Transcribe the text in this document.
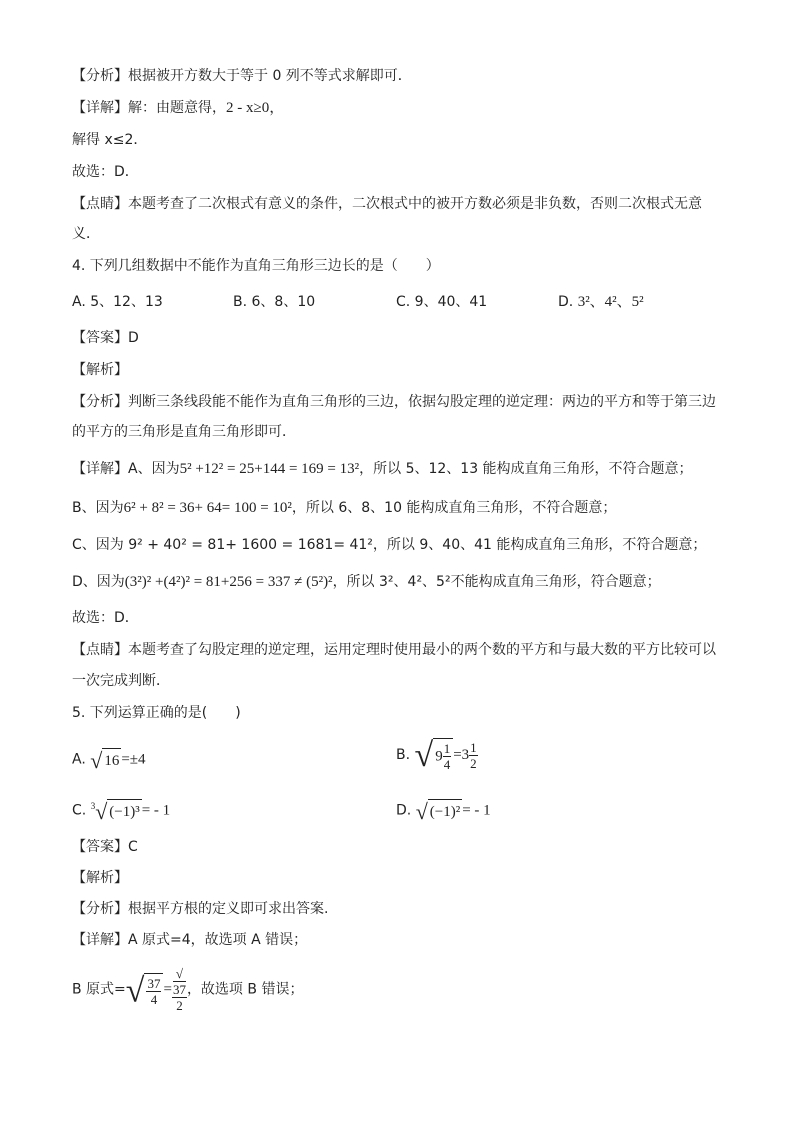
【分析】根据被开方数大于等于 0 列不等式求解即可．
【详解】解：由题意得，2 - x≥0，
解得 x≤2．
故选：D．
【点睛】本题考查了二次根式有意义的条件，二次根式中的被开方数必须是非负数，否则二次根式无意
义．
4. 下列几组数据中不能作为直角三角形三边长的是（　　）
A. 5、12、13	B. 6、8、10	C. 9、40、41	D. 3²、4²、5²
【答案】D
【解析】
【分析】判断三条线段能不能作为直角三角形的三边，依据勾股定理的逆定理：两边的平方和等于第三边
的平方的三角形是直角三角形即可．
【详解】A、因为5² +12² = 25+144 = 169 = 13²，所以 5、12、13 能构成直角三角形，不符合题意；
B、因为6² + 8² = 36+ 64= 100 = 10²，所以 6、8、10 能构成直角三角形，不符合题意；
C、因为 9² + 40² = 81+ 1600 = 1681= 41²，所以 9、40、41 能构成直角三角形，不符合题意；
D、因为(3²)² +(4²)² = 81+256 = 337 ≠ (5²)²，所以 3²、4²、5²不能构成直角三角形，符合题意；
故选：D．
【点睛】本题考查了勾股定理的逆定理，运用定理时使用最小的两个数的平方和与最大数的平方比较可以
一次完成判断．
5. 下列运算正确的是(　　)
A. √ 16 =±4	B. √ $9 \frac{1}{4} =3 \frac{1}{2}$
C. $^3$√ (−1)³ = - 1	D. √ (−1)² = - 1
【答案】C
【解析】
【分析】根据平方根的定义即可求出答案.
【详解】A 原式=4，故选项 A 错误；
B 原式=√ $\frac{37}{4}$ = √
37
2 ，故选项 B 错误；
